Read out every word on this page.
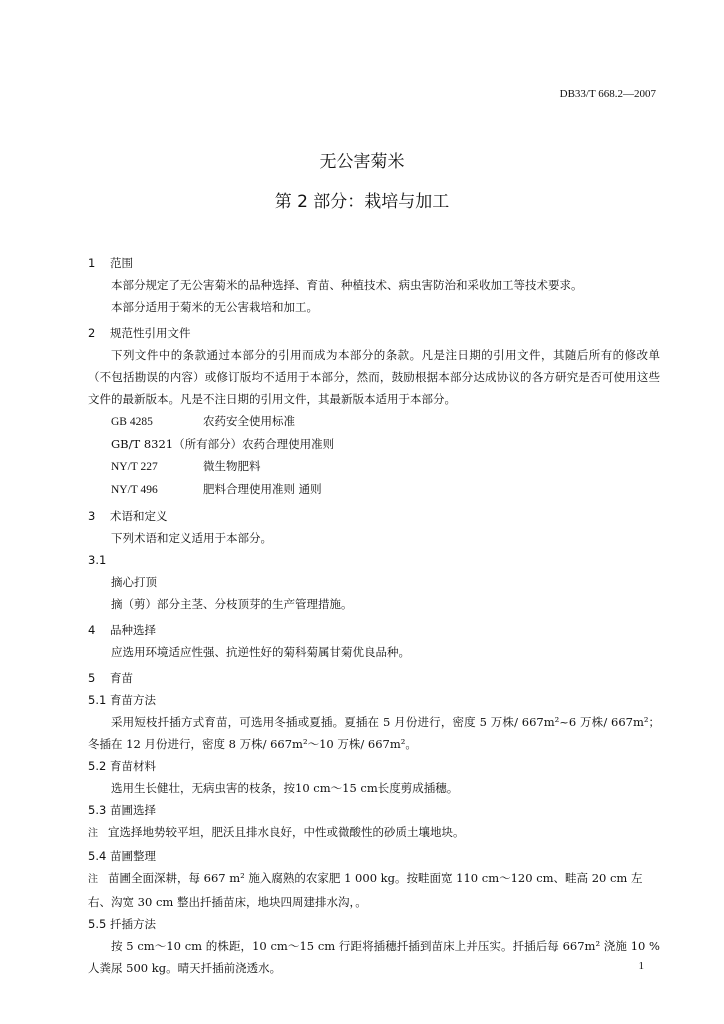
DB33/T 668.2—2007
无公害菊米
第 2 部分：栽培与加工
1 范围
本部分规定了无公害菊米的品种选择、育苗、种植技术、病虫害防治和采收加工等技术要求。
本部分适用于菊米的无公害栽培和加工。
2 规范性引用文件
下列文件中的条款通过本部分的引用而成为本部分的条款。凡是注日期的引用文件，其随后所有的修改单（不包括勘误的内容）或修订版均不适用于本部分，然而，鼓励根据本部分达成协议的各方研究是否可使用这些文件的最新版本。凡是不注日期的引用文件，其最新版本适用于本部分。
GB 4285	农药安全使用标准
GB/T 8321（所有部分）农药合理使用准则
NY/T 227	微生物肥料
NY/T 496	肥料合理使用准则 通则
3 术语和定义
下列术语和定义适用于本部分。
3.1
摘心打顶
摘（剪）部分主茎、分枝顶芽的生产管理措施。
4 品种选择
应选用环境适应性强、抗逆性好的菊科菊属甘菊优良品种。
5 育苗
5.1 育苗方法
采用短枝扦插方式育苗，可选用冬插或夏插。夏插在 5 月份进行，密度 5 万株/ 667m²~6 万株/ 667m²；冬插在 12 月份进行，密度 8 万株/ 667m²～10 万株/ 667m²。
5.2 育苗材料
选用生长健壮，无病虫害的枝条，按10 cm～15 cm长度剪成插穗。
5.3 苗圃选择
注 宜选择地势较平坦，肥沃且排水良好，中性或微酸性的砂质土壤地块。
5.4 苗圃整理
注 苗圃全面深耕，每 667 m² 施入腐熟的农家肥 1 000 kg。按畦面宽 110 cm～120 cm、畦高 20 cm 左右、沟宽 30 cm 整出扦插苗床，地块四周建排水沟，。
5.5 扦插方法
按 5 cm～10 cm 的株距，10 cm～15 cm 行距将插穗扦插到苗床上并压实。扦插后每 667m² 浇施 10 %人粪尿 500 kg。晴天扦插前浇透水。	1
